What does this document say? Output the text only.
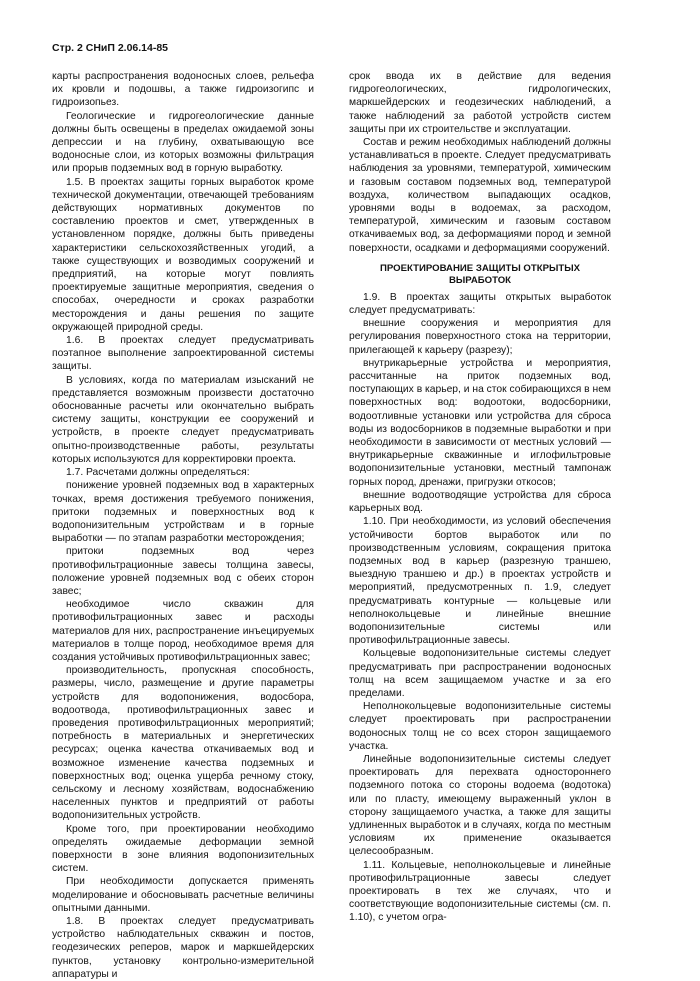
Стр. 2 СНиП 2.06.14-85

карты распространения водоносных слоев, рельефа их кровли и подошвы, а также гидроизогипс и гидроизопьез.

Геологические и гидрогеологические данные должны быть освещены в пределах ожидаемой зоны депрессии и на глубину, охватывающую все водоносные слои, из которых возможны фильтрация или прорыв подземных вод в горную выработку.

1.5. В проектах защиты горных выработок кроме технической документации, отвечающей требованиям действующих нормативных документов по составлению проектов и смет, утвержденных в установленном порядке, должны быть приведены характеристики сельскохозяйственных угодий, а также существующих и возводимых сооружений и предприятий, на которые могут повлиять проектируемые защитные мероприятия, сведения о способах, очередности и сроках разработки месторождения и даны решения по защите окружающей природной среды.

1.6. В проектах следует предусматривать поэтапное выполнение запроектированной системы защиты.

В условиях, когда по материалам изысканий не представляется возможным произвести достаточно обоснованные расчеты или окончательно выбрать систему защиты, конструкции ее сооружений и устройств, в проекте следует предусматривать опытно-производственные работы, результаты которых используются для корректировки проекта.

1.7. Расчетами должны определяться:

понижение уровней подземных вод в характерных точках, время достижения требуемого понижения, притоки подземных и поверхностных вод к водопонизительным устройствам и в горные выработки — по этапам разработки месторождения;

притоки подземных вод через противофильтрационные завесы толщина завесы, положение уровней подземных вод с обеих сторон завес;

необходимое число скважин для противофильтрационных завес и расходы материалов для них, распространение инъецируемых материалов в толще пород, необходимое время для создания устойчивых противофильтрационных завес;

производительность, пропускная способность, размеры, число, размещение и другие параметры устройств для водопонижения, водосбора, водоотвода, противофильтрационных завес и проведения противофильтрационных мероприятий; потребность в материальных и энергетических ресурсах; оценка качества откачиваемых вод и возможное изменение качества подземных и поверхностных вод; оценка ущерба речному стоку, сельскому и лесному хозяйствам, водоснабжению населенных пунктов и предприятий от работы водопонизительных устройств.

Кроме того, при проектировании необходимо определять ожидаемые деформации земной поверхности в зоне влияния водопонизительных систем.

При необходимости допускается применять моделирование и обосновывать расчетные величины опытными данными.

1.8. В проектах следует предусматривать устройство наблюдательных скважин и постов, геодезических реперов, марок и маркшейдерских пунктов, установку контрольно-измерительной аппаратуры и

срок ввода их в действие для ведения гидрогеологических, гидрологических, маркшейдерских и геодезических наблюдений, а также наблюдений за работой устройств систем защиты при их строительстве и эксплуатации.

Состав и режим необходимых наблюдений должны устанавливаться в проекте. Следует предусматривать наблюдения за уровнями, температурой, химическим и газовым составом подземных вод, температурой воздуха, количеством выпадающих осадков, уровнями воды в водоемах, за расходом, температурой, химическим и газовым составом откачиваемых вод, за деформациями пород и земной поверхности, осадками и деформациями сооружений.

ПРОЕКТИРОВАНИЕ ЗАЩИТЫ ОТКРЫТЫХ ВЫРАБОТОК

1.9. В проектах защиты открытых выработок следует предусматривать:

внешние сооружения и мероприятия для регулирования поверхностного стока на территории, прилегающей к карьеру (разрезу);

внутрикарьерные устройства и мероприятия, рассчитанные на приток подземных вод, поступающих в карьер, и на сток собирающихся в нем поверхностных вод: водоотоки, водосборники, водоотливные установки или устройства для сброса воды из водосборников в подземные выработки и при необходимости в зависимости от местных условий — внутрикарьерные скважинные и иглофильтровые водопонизительные установки, местный тампонаж горных пород, дренажи, пригрузки откосов;

внешние водоотводящие устройства для сброса карьерных вод.

1.10. При необходимости, из условий обеспечения устойчивости бортов выработок или по производственным условиям, сокращения притока подземных вод в карьер (разрезную траншею, выездную траншею и др.) в проектах устройств и мероприятий, предусмотренных п. 1.9, следует предусматривать контурные — кольцевые или неполнокольцевые и линейные внешние водопонизительные системы или противофильтрационные завесы.

Кольцевые водопонизительные системы следует предусматривать при распространении водоносных толщ на всем защищаемом участке и за его пределами.

Неполнокольцевые водопонизительные системы следует проектировать при распространении водоносных толщ не со всех сторон защищаемого участка.

Линейные водопонизительные системы следует проектировать для перехвата одностороннего подземного потока со стороны водоема (водотока) или по пласту, имеющему выраженный уклон в сторону защищаемого участка, а также для защиты удлиненных выработок и в случаях, когда по местным условиям их применение оказывается целесообразным.

1.11. Кольцевые, неполнокольцевые и линейные противофильтрационные завесы следует проектировать в тех же случаях, что и соответствующие водопонизительные системы (см. п. 1.10), с учетом огра-
